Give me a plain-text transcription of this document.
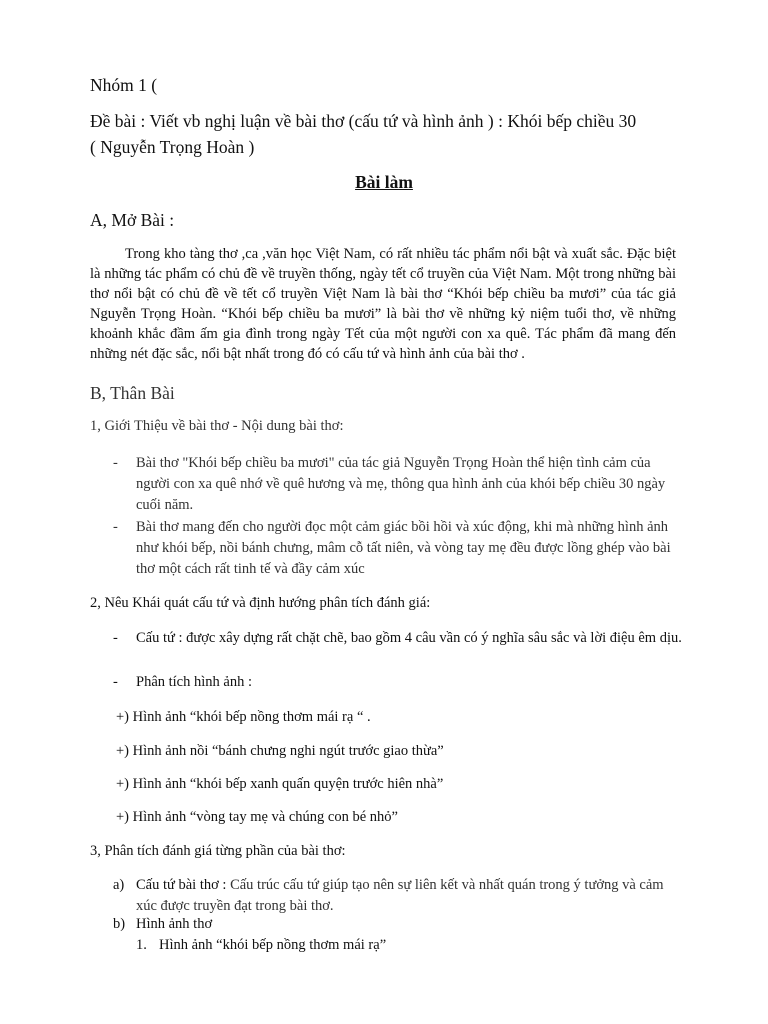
Nhóm 1 (

Đề bài : Viết vb nghị luận về bài thơ (cấu tứ và hình ảnh ) : Khói bếp chiều 30
( Nguyễn Trọng Hoàn )

Bài làm

A, Mở Bài :

Trong kho tàng thơ ,ca ,văn học Việt Nam, có rất nhiều tác phẩm nổi bật và xuất sắc. Đặc biệt là những tác phẩm có chủ đề về truyền thống, ngày tết cổ truyền của Việt Nam. Một trong những bài thơ nổi bật có chủ đề về tết cổ truyền Việt Nam là bài thơ “Khói bếp chiều ba mươi” của tác giả Nguyễn Trọng Hoàn. “Khói bếp chiều ba mươi” là bài thơ về những kỷ niệm tuổi thơ, về những khoảnh khắc đầm ấm gia đình trong ngày Tết của một người con xa quê. Tác phẩm đã mang đến những nét đặc sắc, nổi bật nhất trong đó có cấu tứ và hình ảnh của bài thơ .

B, Thân Bài

1, Giới Thiệu về bài thơ - Nội dung bài thơ:

- Bài thơ "Khói bếp chiều ba mươi" của tác giả Nguyễn Trọng Hoàn thể hiện tình cảm của người con xa quê nhớ về quê hương và mẹ, thông qua hình ảnh của khói bếp chiều 30 ngày cuối năm.
- Bài thơ mang đến cho người đọc một cảm giác bồi hồi và xúc động, khi mà những hình ảnh như khói bếp, nồi bánh chưng, mâm cỗ tất niên, và vòng tay mẹ đều được lồng ghép vào bài thơ một cách rất tinh tế và đầy cảm xúc

2, Nêu Khái quát cấu tứ và định hướng phân tích đánh giá:

- Cấu tứ : được xây dựng rất chặt chẽ, bao gồm 4 câu vần có ý nghĩa sâu sắc và lời điệu êm dịu.
- Phân tích hình ảnh :

+) Hình ảnh “khói bếp nồng thơm mái rạ “ .

+) Hình ảnh nồi “bánh chưng nghi ngút trước giao thừa”

+) Hình ảnh “khói bếp xanh quấn quyện trước hiên nhà”

+) Hình ảnh “vòng tay mẹ và chúng con bé nhỏ”

3, Phân tích đánh giá từng phần của bài thơ:

a) Cấu tứ bài thơ : Cấu trúc cấu tứ giúp tạo nên sự liên kết và nhất quán trong ý tưởng và cảm xúc được truyền đạt trong bài thơ.
b) Hình ảnh thơ
1. Hình ảnh “khói bếp nồng thơm mái rạ”
